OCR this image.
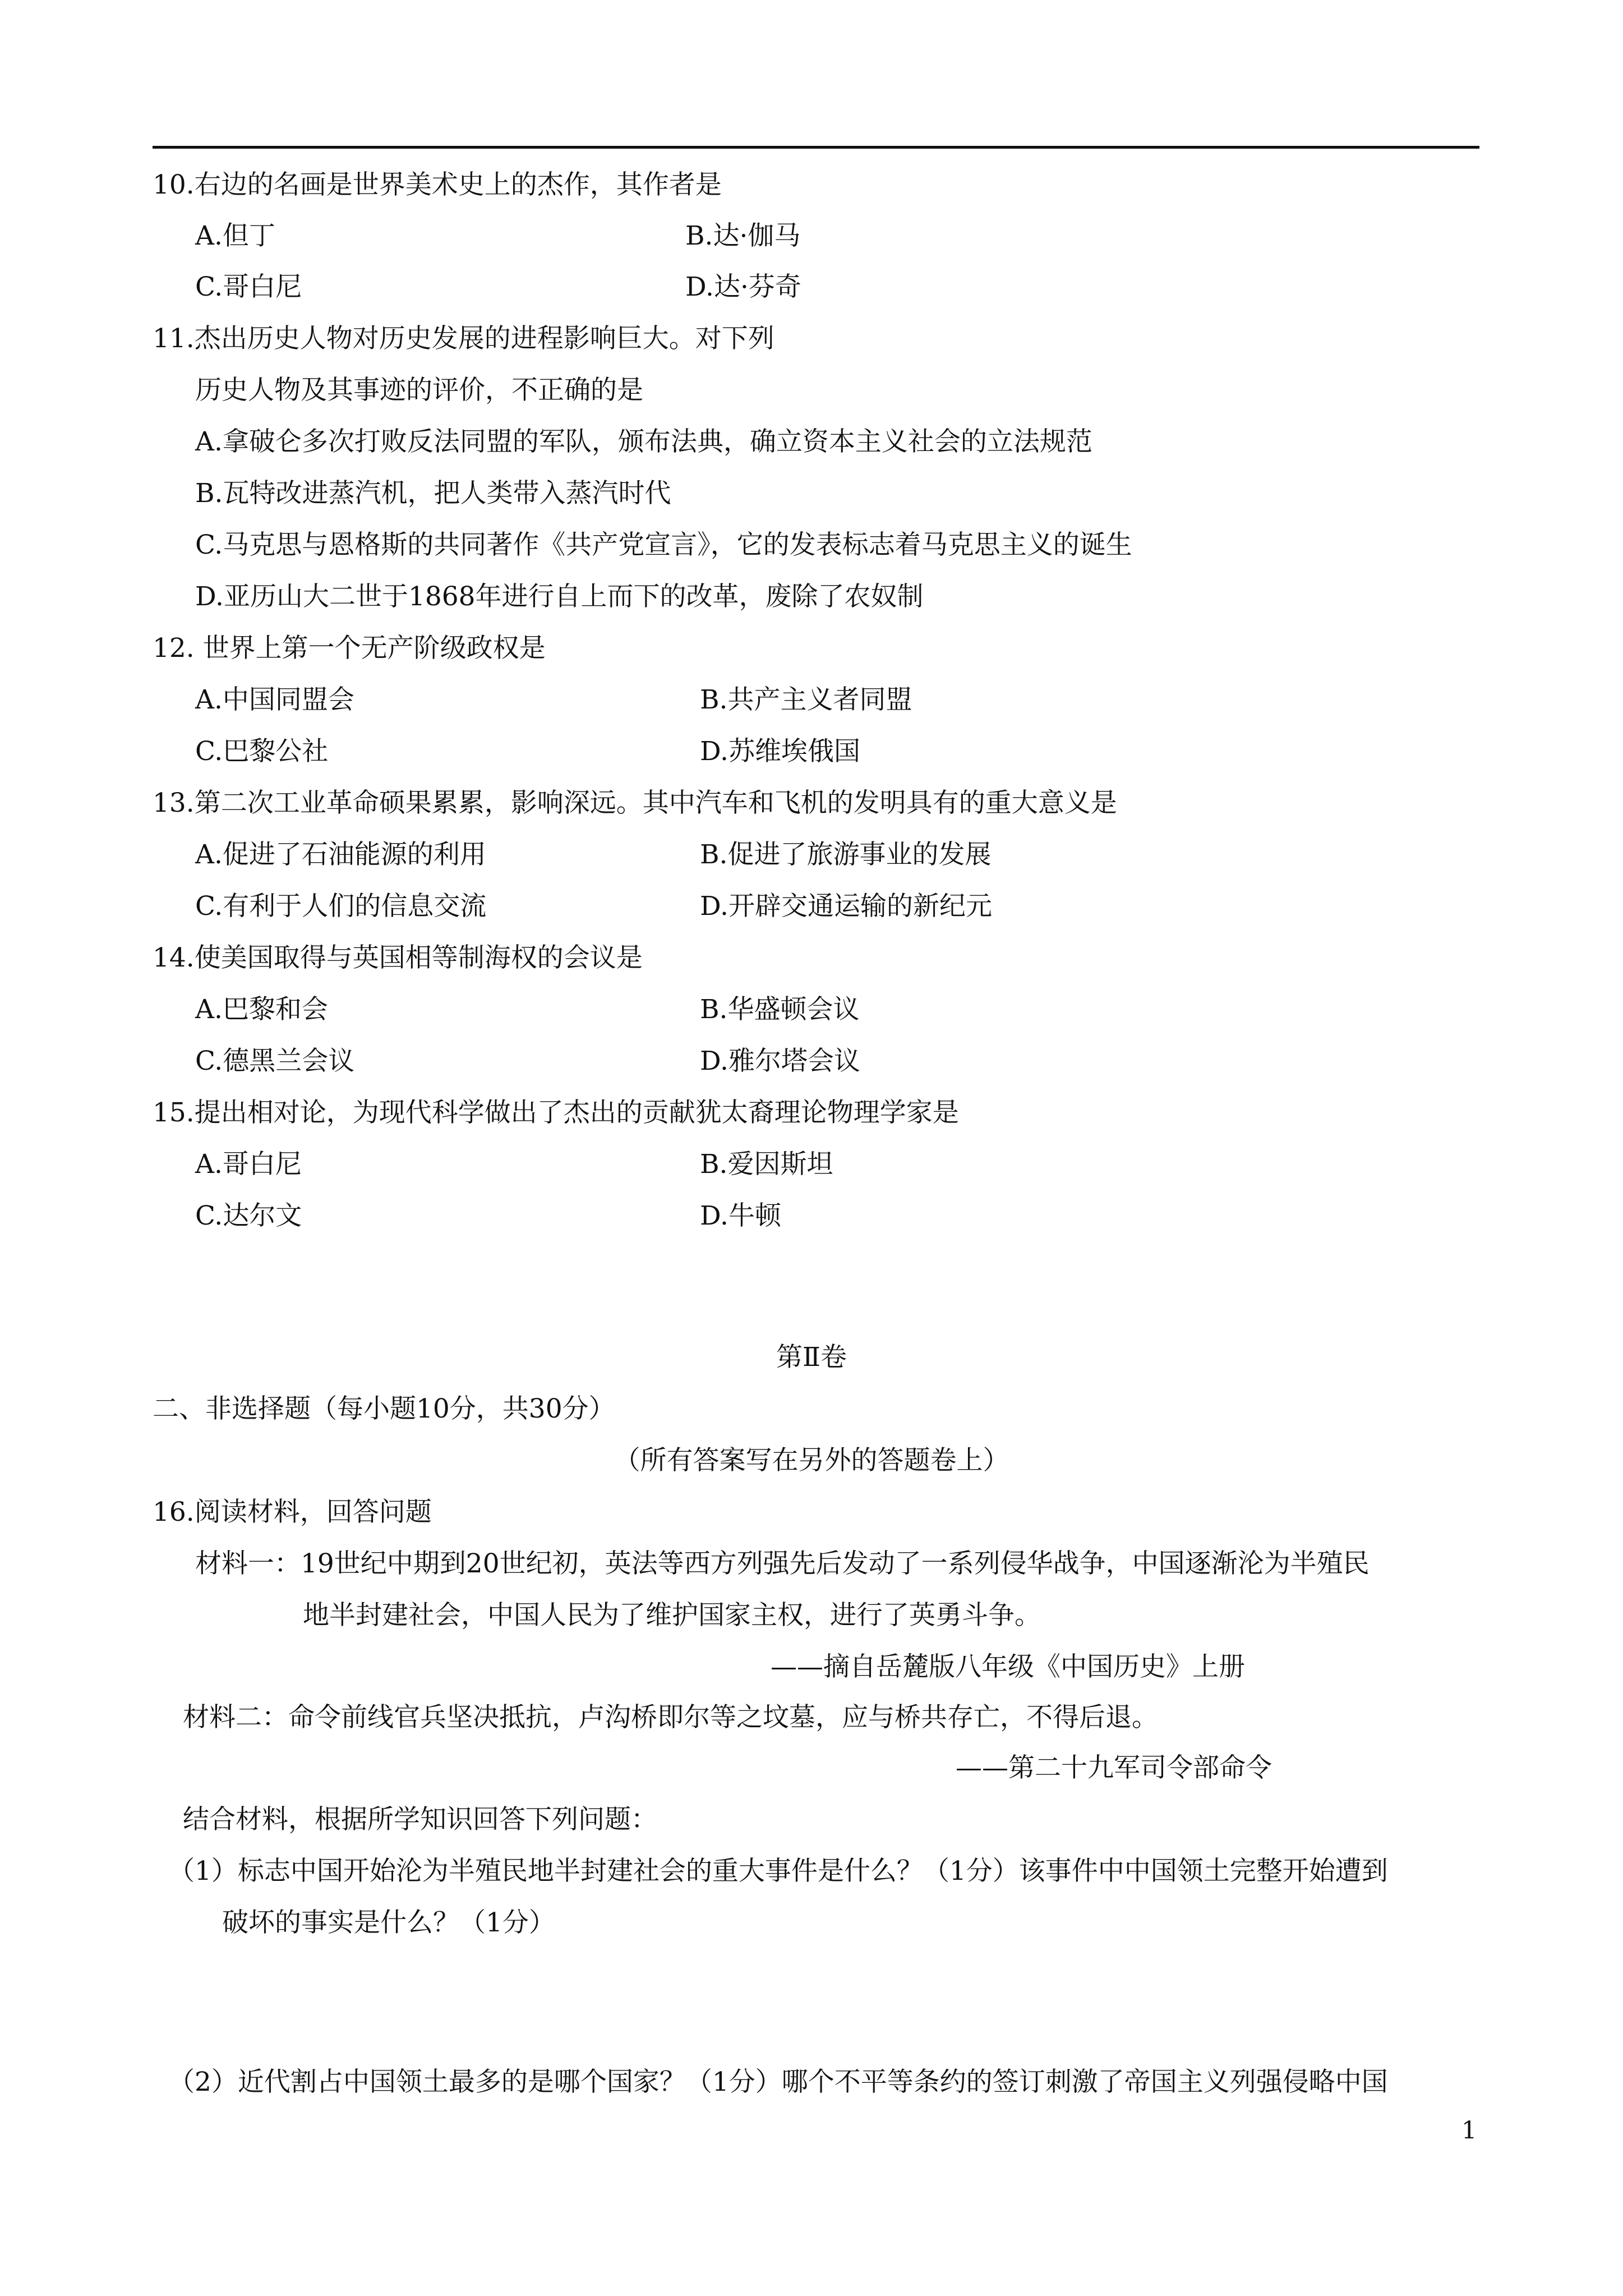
10.右边的名画是世界美术史上的杰作，其作者是
A.但丁	B.达·伽马
C.哥白尼	D.达·芬奇
11.杰出历史人物对历史发展的进程影响巨大。对下列
历史人物及其事迹的评价，不正确的是
A.拿破仑多次打败反法同盟的军队，颁布法典，确立资本主义社会的立法规范
B.瓦特改进蒸汽机，把人类带入蒸汽时代
C.马克思与恩格斯的共同著作《共产党宣言》，它的发表标志着马克思主义的诞生
D.亚历山大二世于1868年进行自上而下的改革，废除了农奴制
12. 世界上第一个无产阶级政权是
A.中国同盟会	B.共产主义者同盟
C.巴黎公社	D.苏维埃俄国
13.第二次工业革命硕果累累，影响深远。其中汽车和飞机的发明具有的重大意义是
A.促进了石油能源的利用	B.促进了旅游事业的发展
C.有利于人们的信息交流	D.开辟交通运输的新纪元
14.使美国取得与英国相等制海权的会议是
A.巴黎和会	B.华盛顿会议
C.德黑兰会议	D.雅尔塔会议
15.提出相对论，为现代科学做出了杰出的贡献犹太裔理论物理学家是
A.哥白尼	B.爱因斯坦
C.达尔文	D.牛顿
第Ⅱ卷
二、非选择题（每小题10分，共30分）
（所有答案写在另外的答题卷上）
16.阅读材料，回答问题
材料一：19世纪中期到20世纪初，英法等西方列强先后发动了一系列侵华战争，中国逐渐沦为半殖民
地半封建社会，中国人民为了维护国家主权，进行了英勇斗争。
——摘自岳麓版八年级《中国历史》上册
材料二：命令前线官兵坚决抵抗，卢沟桥即尔等之坟墓，应与桥共存亡，不得后退。
——第二十九军司令部命令
结合材料，根据所学知识回答下列问题：
（1）标志中国开始沦为半殖民地半封建社会的重大事件是什么？（1分）该事件中中国领土完整开始遭到
破坏的事实是什么？（1分）
（2）近代割占中国领土最多的是哪个国家？（1分）哪个不平等条约的签订刺激了帝国主义列强侵略中国
1
